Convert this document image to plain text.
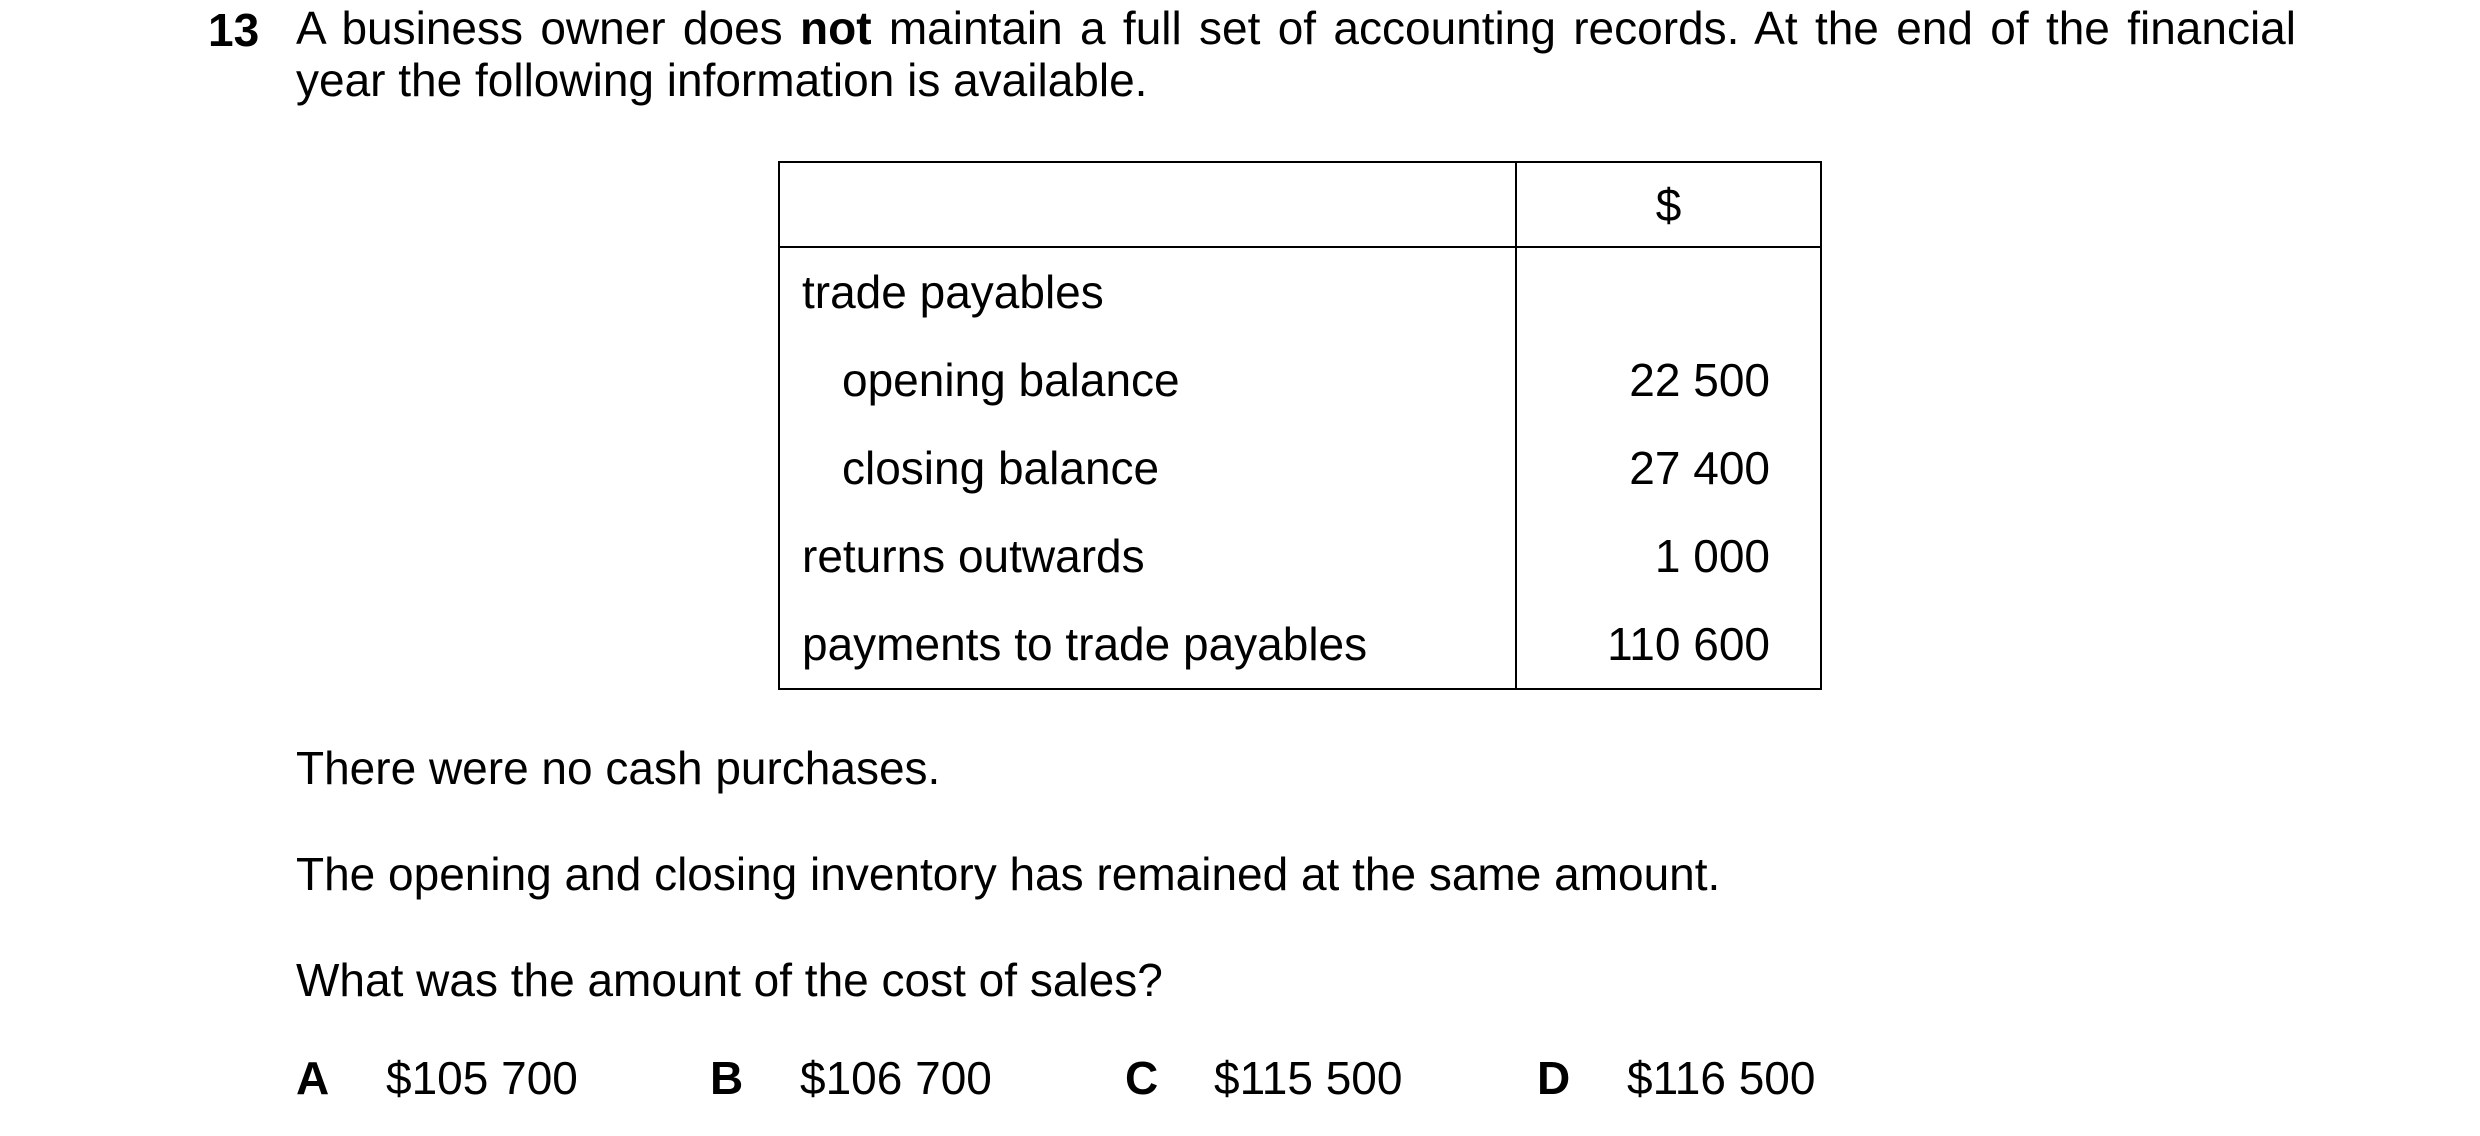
13 A business owner does not maintain a full set of accounting records. At the end of the financial year the following information is available.
	$
trade payables	
opening balance	22 500
closing balance	27 400
returns outwards	1 000
payments to trade payables	110 600
There were no cash purchases.
The opening and closing inventory has remained at the same amount.
What was the amount of the cost of sales?
A $105 700	B $106 700	C $115 500	D $116 500
